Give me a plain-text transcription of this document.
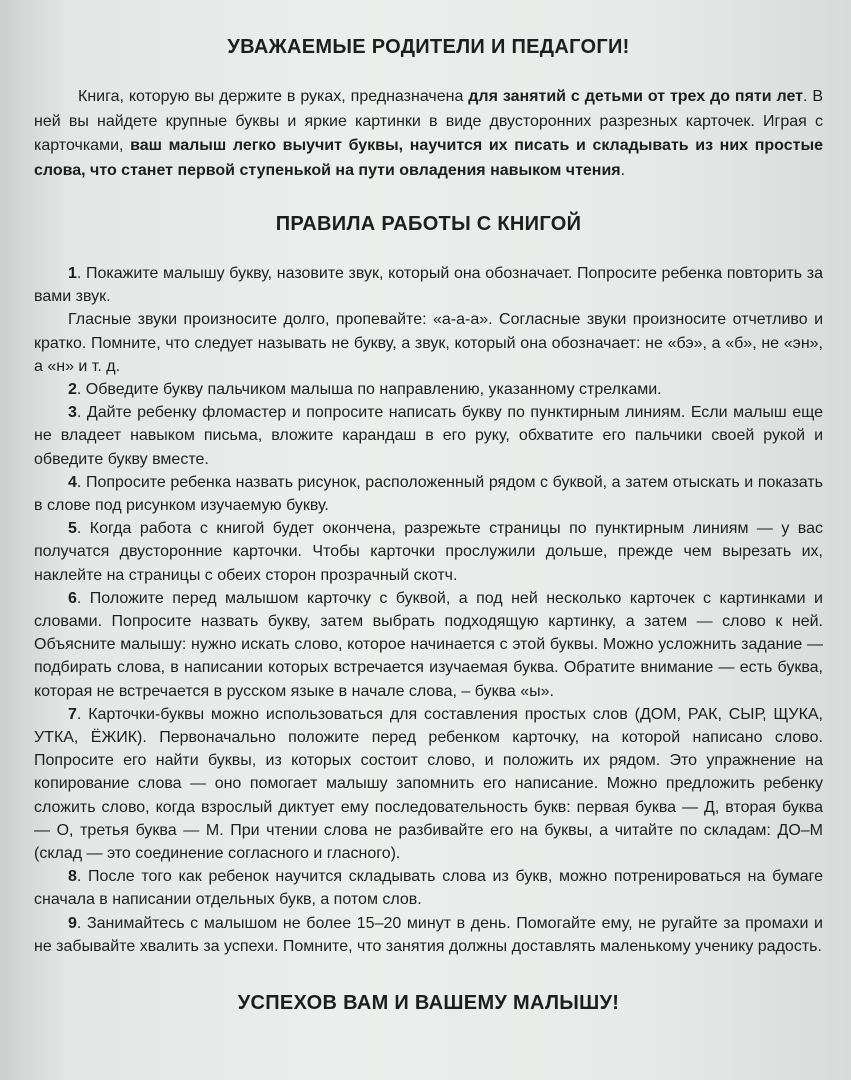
УВАЖАЕМЫЕ РОДИТЕЛИ И ПЕДАГОГИ!

Книга, которую вы держите в руках, предназначена для занятий с детьми от трех до пяти лет. В ней вы найдете крупные буквы и яркие картинки в виде двусторонних разрезных карточек. Играя с карточками, ваш малыш легко выучит буквы, научится их писать и складывать из них простые слова, что станет первой ступенькой на пути овладения навыком чтения.

ПРАВИЛА РАБОТЫ С КНИГОЙ

1. Покажите малышу букву, назовите звук, который она обозначает. Попросите ребенка повторить за вами звук.

Гласные звуки произносите долго, пропевайте: «а-а-а». Согласные звуки произносите отчетливо и кратко. Помните, что следует называть не букву, а звук, который она обозначает: не «бэ», а «б», не «эн», а «н» и т. д.

2. Обведите букву пальчиком малыша по направлению, указанному стрелками.

3. Дайте ребенку фломастер и попросите написать букву по пунктирным линиям. Если малыш еще не владеет навыком письма, вложите карандаш в его руку, обхватите его пальчики своей рукой и обведите букву вместе.

4. Попросите ребенка назвать рисунок, расположенный рядом с буквой, а затем отыскать и показать в слове под рисунком изучаемую букву.

5. Когда работа с книгой будет окончена, разрежьте страницы по пунктирным линиям — у вас получатся двусторонние карточки. Чтобы карточки прослужили дольше, прежде чем вырезать их, наклейте на страницы с обеих сторон прозрачный скотч.

6. Положите перед малышом карточку с буквой, а под ней несколько карточек с картинками и словами. Попросите назвать букву, затем выбрать подходящую картинку, а затем — слово к ней. Объясните малышу: нужно искать слово, которое начинается с этой буквы. Можно усложнить задание — подбирать слова, в написании которых встречается изучаемая буква. Обратите внимание — есть буква, которая не встречается в русском языке в начале слова, – буква «ы».

7. Карточки-буквы можно использоваться для составления простых слов (ДОМ, РАК, СЫР, ЩУКА, УТКА, ЁЖИК). Первоначально положите перед ребенком карточку, на которой написано слово. Попросите его найти буквы, из которых состоит слово, и положить их рядом. Это упражнение на копирование слова — оно помогает малышу запомнить его написание. Можно предложить ребенку сложить слово, когда взрослый диктует ему последовательность букв: первая буква — Д, вторая буква — О, третья буква — М. При чтении слова не разбивайте его на буквы, а читайте по складам: ДО–М (склад — это соединение согласного и гласного).

8. После того как ребенок научится складывать слова из букв, можно потренироваться на бумаге сначала в написании отдельных букв, а потом слов.

9. Занимайтесь с малышом не более 15–20 минут в день. Помогайте ему, не ругайте за промахи и не забывайте хвалить за успехи. Помните, что занятия должны доставлять маленькому ученику радость.

УСПЕХОВ ВАМ И ВАШЕМУ МАЛЫШУ!
